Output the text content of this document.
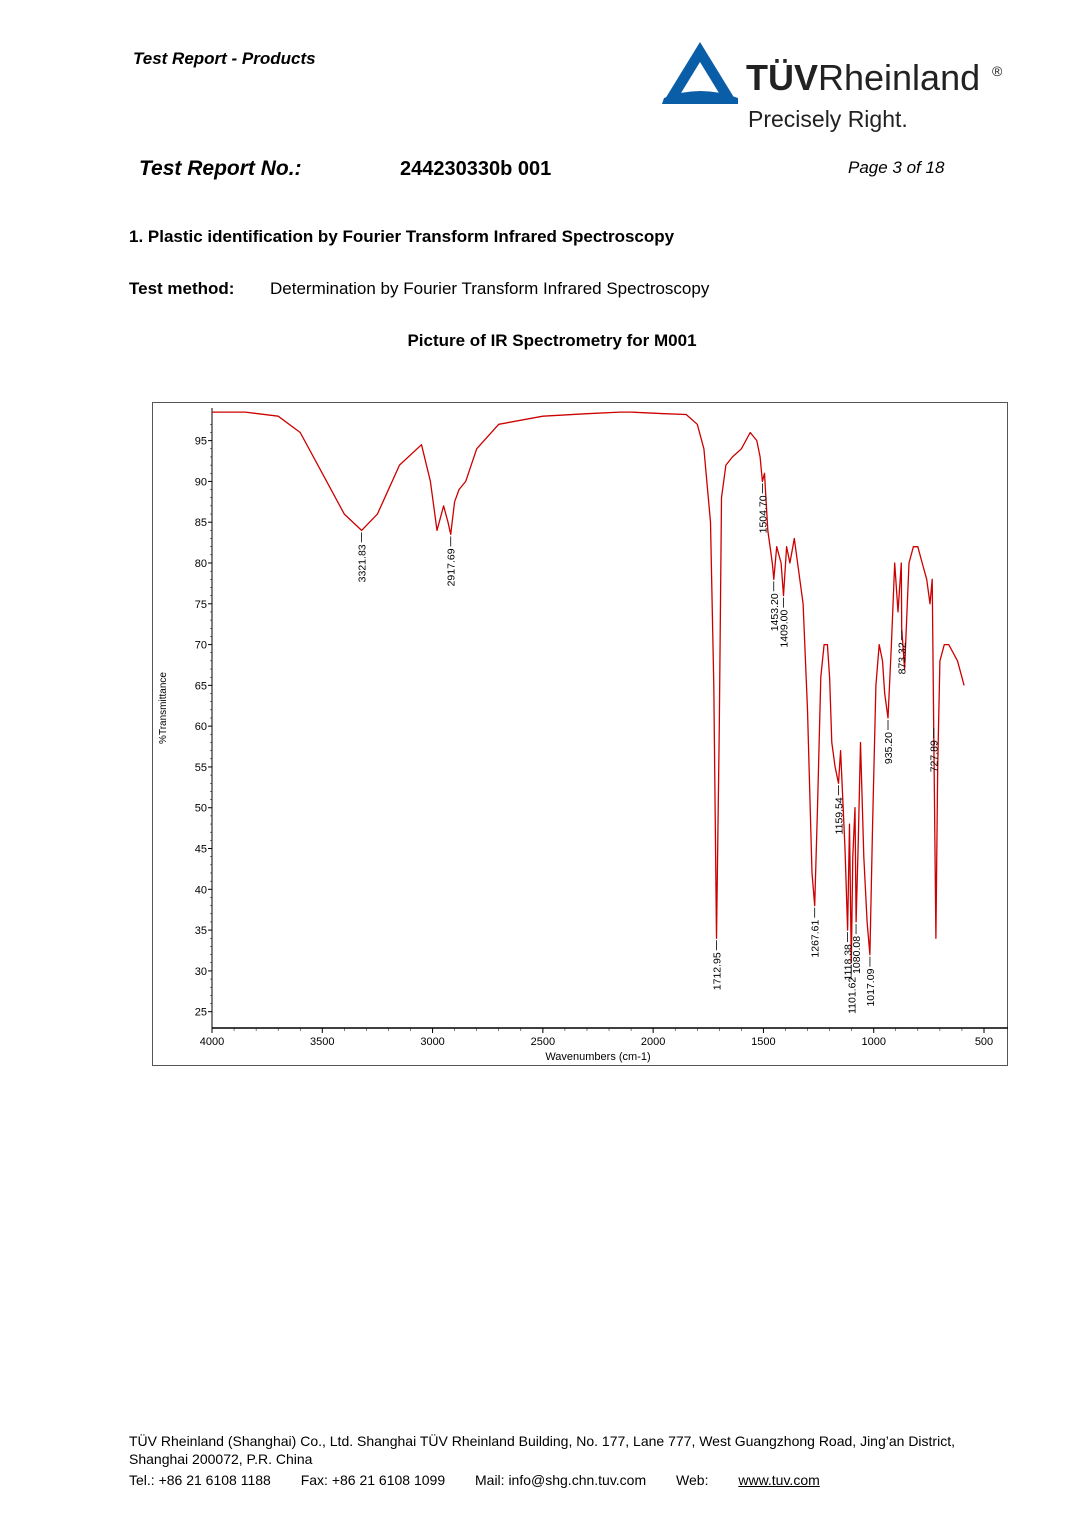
Test Report - Products	TÜVRheinland ®
Precisely Right.
Test Report No.:	244230330b 001	Page 3 of 18
1. Plastic identification by Fourier Transform Infrared Spectroscopy
Test method: Determination by Fourier Transform Infrared Spectroscopy
Picture of IR Spectrometry for M001
25
30
35
40
45
50
55
60
65
70
75
80
85
90
95
4000	3500	3000	2500	2000	1500	1000	500
Wavenumbers (cm-1)
%Transmittance
3321.83	2917.69
1712.95
1504.70
1453.20
1409.00
1267.61
1159.54
1118.38
1101.62
1080.08
1017.09
935.20
873.32
727.89
TÜV Rheinland (Shanghai) Co., Ltd. Shanghai TÜV Rheinland Building, No. 177, Lane 777, West Guangzhong Road, Jing’an District,
Shanghai 200072, P.R. China
Tel.: +86 21 6108 1188 Fax: +86 21 6108 1099 Mail: info@shg.chn.tuv.com Web: www.tuv.com
